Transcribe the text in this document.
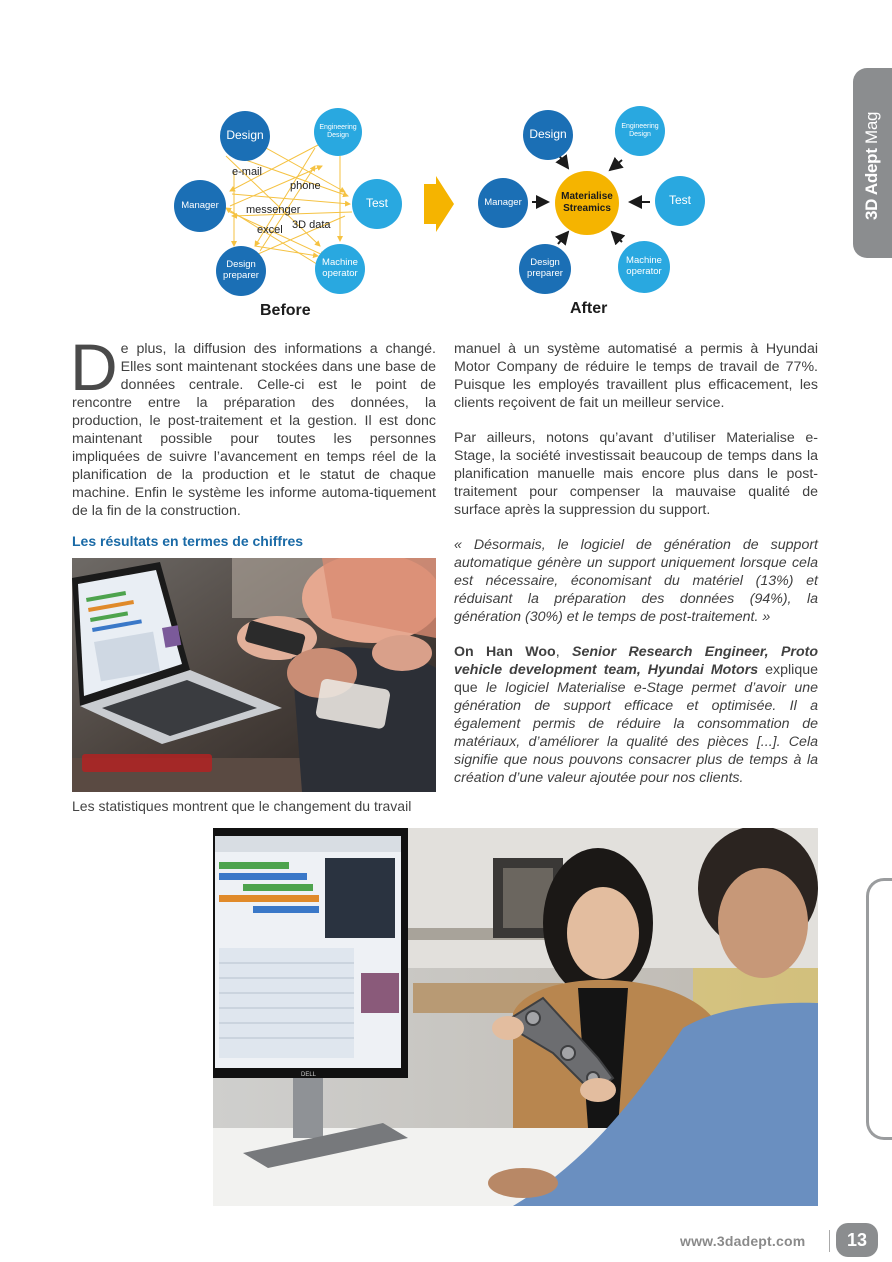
3D Adept Mag
Design
Engineering
Design
Manager	Test
Design
preparer
Machine
operator
e-mail
phone
messenger
3D data
excel
Before
Design
Engineering
Design
Manager
Materialise
Streamics
Test
Design
preparer
Machine
operator
After
D e plus, la diffusion des informations a changé. Elles sont maintenant stockées dans une base de données centrale. Celle-ci est le point de rencontre entre la préparation des données, la production, le post-traitement et la gestion. Il est donc maintenant possible pour toutes les personnes impliquées de suivre l’avancement en temps réel de la planification de la production et le statut de chaque machine. Enfin le système les informe automa-tiquement de la fin de la construction.

Les résultats en termes de chiffres
Les statistiques montrent que le changement du travail

manuel à un système automatisé a permis à Hyundai Motor Company de réduire le temps de travail de 77%. Puisque les employés travaillent plus efficacement, les clients reçoivent de fait un meilleur service.

Par ailleurs, notons qu’avant d’utiliser Materialise e-Stage, la société investissait beaucoup de temps dans la planification manuelle mais encore plus dans le post-traitement pour compenser la mauvaise qualité de surface après la suppression du support.

« Désormais, le logiciel de génération de support automatique génère un support uniquement lorsque cela est nécessaire, économisant du matériel (13%) et réduisant la préparation des données (94%), la génération (30%) et le temps de post-traitement. »

On Han Woo, Senior Research Engineer, Proto vehicle development team, Hyundai Motors explique que le logiciel Materialise e-Stage permet d’avoir une génération de support efficace et optimisée. Il a également permis de réduire la consommation de matériaux, d’améliorer la qualité des pièces [...]. Cela signifie que nous pouvons consacrer plus de temps à la création d’une valeur ajoutée pour nos clients.

DELL
www.3dadept.com	13
